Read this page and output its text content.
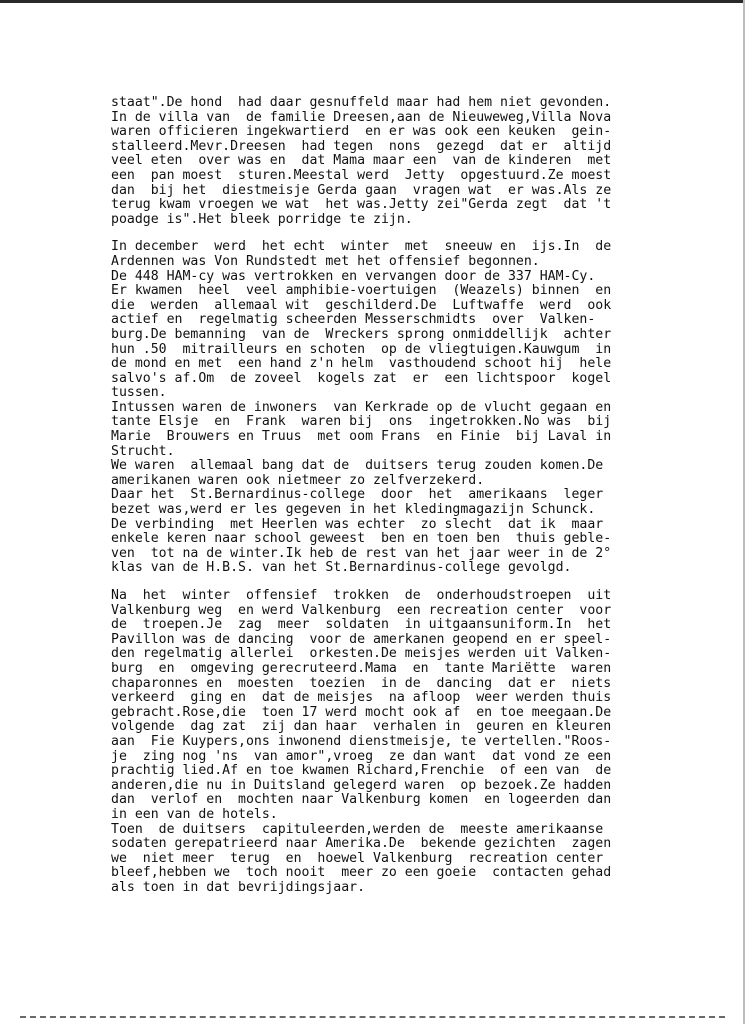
staat".De hond  had daar gesnuffeld maar had hem niet gevonden.
In de villa van  de familie Dreesen,aan de Nieuweweg,Villa Nova
waren officieren ingekwartierd  en er was ook een keuken  gein-
stalleerd.Mevr.Dreesen  had tegen  nons  gezegd  dat er  altijd
veel eten  over was en  dat Mama maar een  van de kinderen  met
een  pan moest  sturen.Meestal werd  Jetty  opgestuurd.Ze moest
dan  bij het  diestmeisje Gerda gaan  vragen wat  er was.Als ze
terug kwam vroegen we wat  het was.Jetty zei"Gerda zegt  dat 't
poadge is".Het bleek porridge te zijn.
In december  werd  het echt  winter  met  sneeuw en  ijs.In  de
Ardennen was Von Rundstedt met het offensief begonnen.
De 448 HAM-cy was vertrokken en vervangen door de 337 HAM-Cy.
Er kwamen  heel  veel amphibie-voertuigen  (Weazels) binnen  en
die  werden  allemaal wit  geschilderd.De  Luftwaffe  werd  ook
actief en  regelmatig scheerden Messerschmidts  over  Valken-
burg.De bemanning  van de  Wreckers sprong onmiddellijk  achter
hun .50  mitrailleurs en schoten  op de vliegtuigen.Kauwgum  in
de mond en met  een hand z'n helm  vasthoudend schoot hij  hele
salvo's af.Om  de zoveel  kogels zat  er  een lichtspoor  kogel
tussen.
Intussen waren de inwoners  van Kerkrade op de vlucht gegaan en
tante Elsje  en  Frank  waren bij  ons  ingetrokken.No was  bij
Marie  Brouwers en Truus  met oom Frans  en Finie  bij Laval in
Strucht.
We waren  allemaal bang dat de  duitsers terug zouden komen.De
amerikanen waren ook nietmeer zo zelfverzekerd.
Daar het  St.Bernardinus-college  door  het  amerikaans  leger
bezet was,werd er les gegeven in het kledingmagazijn Schunck.
De verbinding  met Heerlen was echter  zo slecht  dat ik  maar
enkele keren naar school geweest  ben en toen ben  thuis geble-
ven  tot na de winter.Ik heb de rest van het jaar weer in de 2°
klas van de H.B.S. van het St.Bernardinus-college gevolgd.
Na  het  winter  offensief  trokken  de  onderhoudstroepen  uit
Valkenburg weg  en werd Valkenburg  een recreation center  voor
de  troepen.Je  zag  meer  soldaten  in uitgaansuniform.In  het
Pavillon was de dancing  voor de amerkanen geopend en er speel-
den regelmatig allerlei  orkesten.De meisjes werden uit Valken-
burg  en  omgeving gerecruteerd.Mama  en  tante Mariëtte  waren
chaparonnes en  moesten  toezien  in de  dancing  dat er  niets
verkeerd  ging en  dat de meisjes  na afloop  weer werden thuis
gebracht.Rose,die  toen 17 werd mocht ook af  en toe meegaan.De
volgende  dag zat  zij dan haar  verhalen in  geuren en kleuren
aan  Fie Kuypers,ons inwonend dienstmeisje, te vertellen."Roos-
je  zing nog 'ns  van amor",vroeg  ze dan want  dat vond ze een
prachtig lied.Af en toe kwamen Richard,Frenchie  of een van  de
anderen,die nu in Duitsland gelegerd waren  op bezoek.Ze hadden
dan  verlof en  mochten naar Valkenburg komen  en logeerden dan
in een van de hotels.
Toen  de duitsers  capituleerden,werden de  meeste amerikaanse
sodaten gerepatrieerd naar Amerika.De  bekende gezichten  zagen
we  niet meer  terug  en  hoewel Valkenburg  recreation center
bleef,hebben we  toch nooit  meer zo een goeie  contacten gehad
als toen in dat bevrijdingsjaar.
